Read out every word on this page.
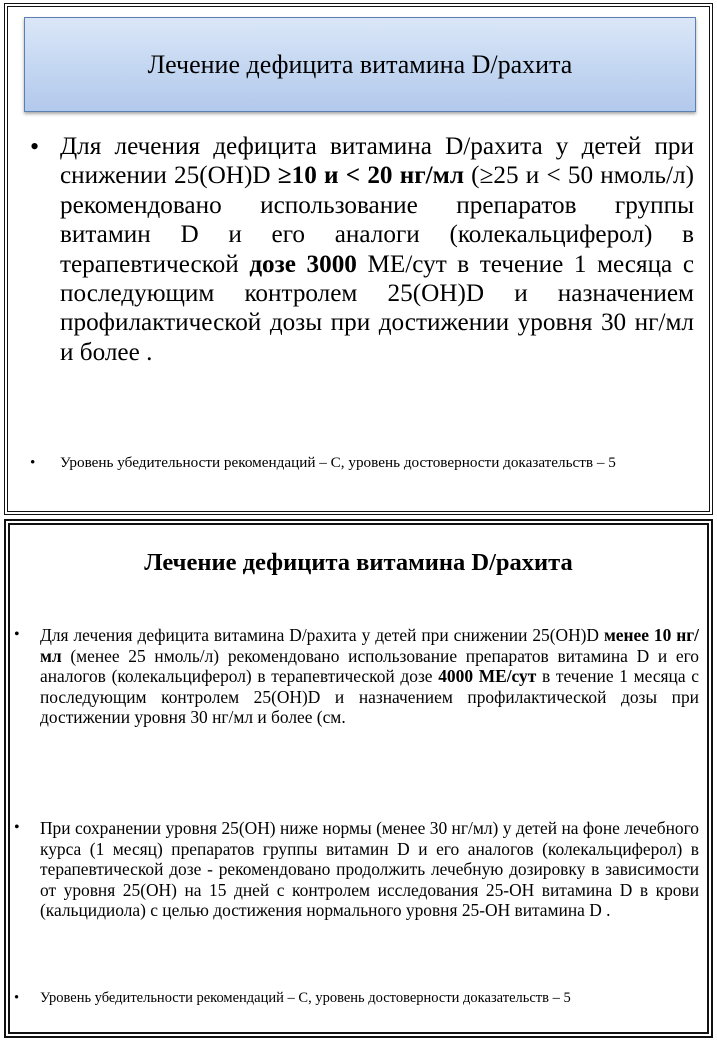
Лечение дефицита витамина D/рахита
• Для лечения дефицита витамина D/рахита у детей при снижении 25(OH)D ≥10 и < 20 нг/мл (≥25 и < 50 нмоль/л) рекомендовано использование препаратов группы витамин D и его аналоги (колекальциферол) в терапевтической дозе 3000 МЕ/сут в течение 1 месяца с последующим контролем 25(OH)D и назначением профилактической дозы при достижении уровня 30 нг/мл и более .
•	Уровень убедительности рекомендаций – С, уровень достоверности доказательств – 5
Лечение дефицита витамина D/рахита
•	Для лечения дефицита витамина D/рахита у детей при снижении 25(OH)D менее 10 нг/мл (менее 25 нмоль/л) рекомендовано использование препаратов витамина D и его аналогов (колекальциферол) в терапевтической дозе 4000 МЕ/сут в течение 1 месяца с последующим контролем 25(OH)D и назначением профилактической дозы при достижении уровня 30 нг/мл и более (см.
•	При сохранении уровня 25(ОН) ниже нормы (менее 30 нг/мл) у детей на фоне лечебного курса (1 месяц) препаратов группы витамин D и его аналогов (колекальциферол) в терапевтической дозе - рекомендовано продолжить лечебную дозировку в зависимости от уровня 25(ОН) на 15 дней с контролем исследования 25-ОН витамина D в крови (кальцидиола) с целью достижения нормального уровня 25-ОН витамина D .
•	Уровень убедительности рекомендаций – С, уровень достоверности доказательств – 5
